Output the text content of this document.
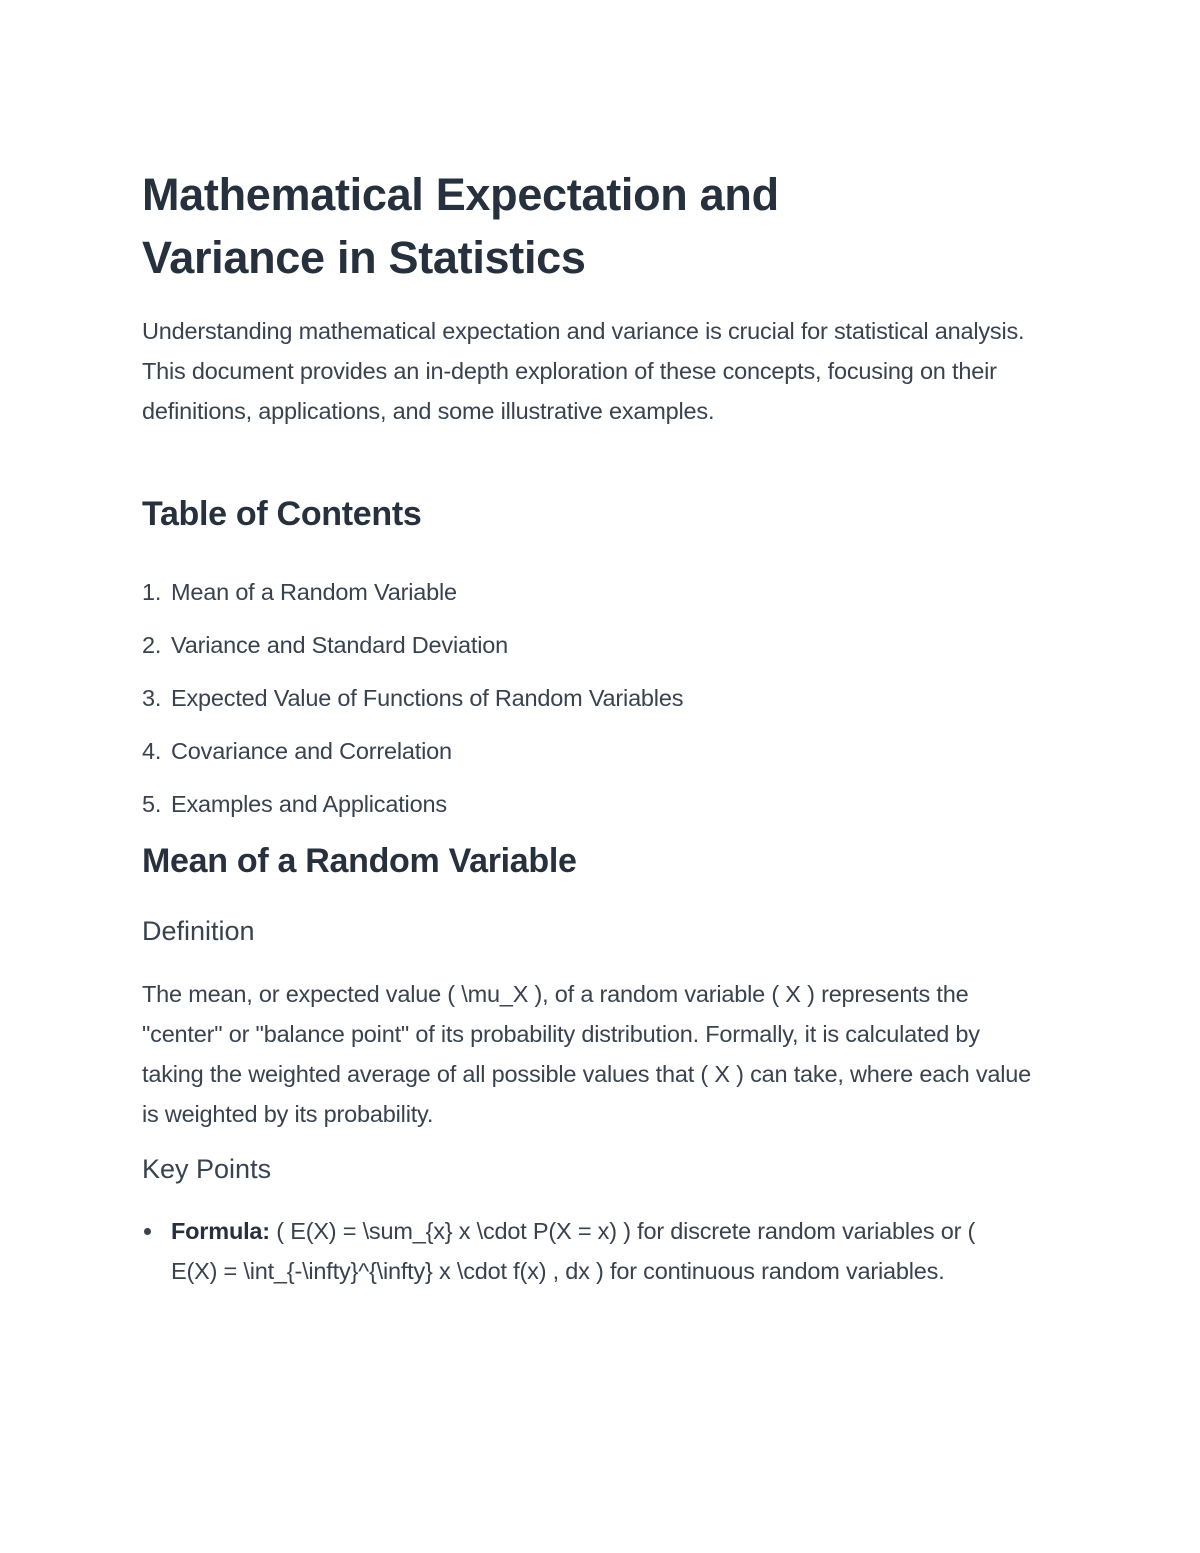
Mathematical Expectation and Variance in Statistics

Understanding mathematical expectation and variance is crucial for statistical analysis. This document provides an in-depth exploration of these concepts, focusing on their definitions, applications, and some illustrative examples.

Table of Contents
1. Mean of a Random Variable
2. Variance and Standard Deviation
3. Expected Value of Functions of Random Variables
4. Covariance and Correlation
5. Examples and Applications
Mean of a Random Variable
Definition

The mean, or expected value ( \mu_X ), of a random variable ( X ) represents the "center" or "balance point" of its probability distribution. Formally, it is calculated by taking the weighted average of all possible values that ( X ) can take, where each value is weighted by its probability.

Key Points
Formula: ( E(X) = \sum_{x} x \cdot P(X = x) ) for discrete random variables or ( E(X) = \int_{-\infty}^{\infty} x \cdot f(x) , dx ) for continuous random variables.
